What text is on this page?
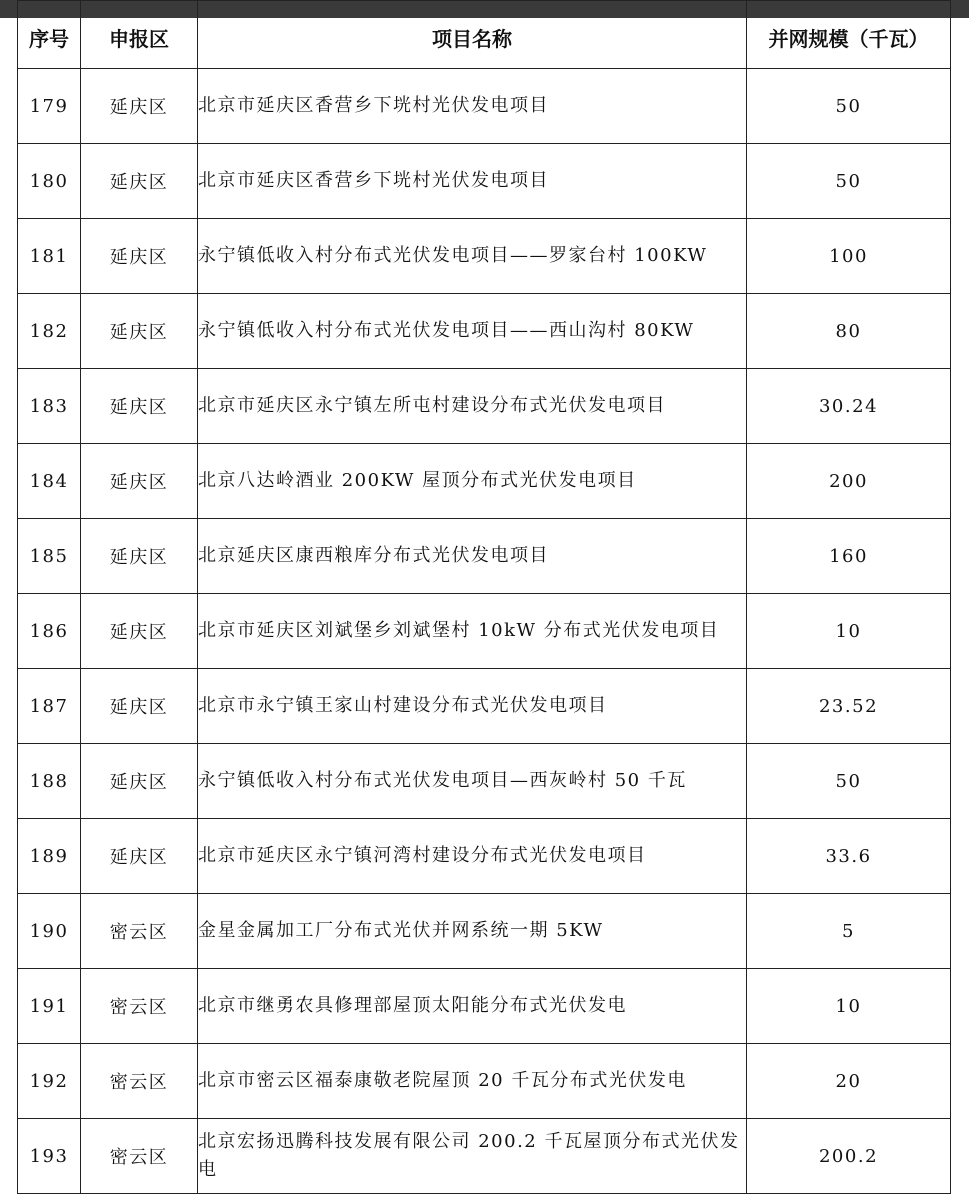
序号	申报区	项目名称	并网规模（千瓦）
179	延庆区	北京市延庆区香营乡下垙村光伏发电项目	50
180	延庆区	北京市延庆区香营乡下垙村光伏发电项目	50
181	延庆区	永宁镇低收入村分布式光伏发电项目——罗家台村 100KW	100
182	延庆区	永宁镇低收入村分布式光伏发电项目——西山沟村 80KW	80
183	延庆区	北京市延庆区永宁镇左所屯村建设分布式光伏发电项目	30.24
184	延庆区	北京八达岭酒业 200KW 屋顶分布式光伏发电项目	200
185	延庆区	北京延庆区康西粮库分布式光伏发电项目	160
186	延庆区	北京市延庆区刘斌堡乡刘斌堡村 10kW 分布式光伏发电项目	10
187	延庆区	北京市永宁镇王家山村建设分布式光伏发电项目	23.52
188	延庆区	永宁镇低收入村分布式光伏发电项目—西灰岭村 50 千瓦	50
189	延庆区	北京市延庆区永宁镇河湾村建设分布式光伏发电项目	33.6
190	密云区	金星金属加工厂分布式光伏并网系统一期 5KW	5
191	密云区	北京市继勇农具修理部屋顶太阳能分布式光伏发电	10
192	密云区	北京市密云区福泰康敬老院屋顶 20 千瓦分布式光伏发电	20
193	密云区	北京宏扬迅腾科技发展有限公司 200.2 千瓦屋顶分布式光伏发电	200.2
